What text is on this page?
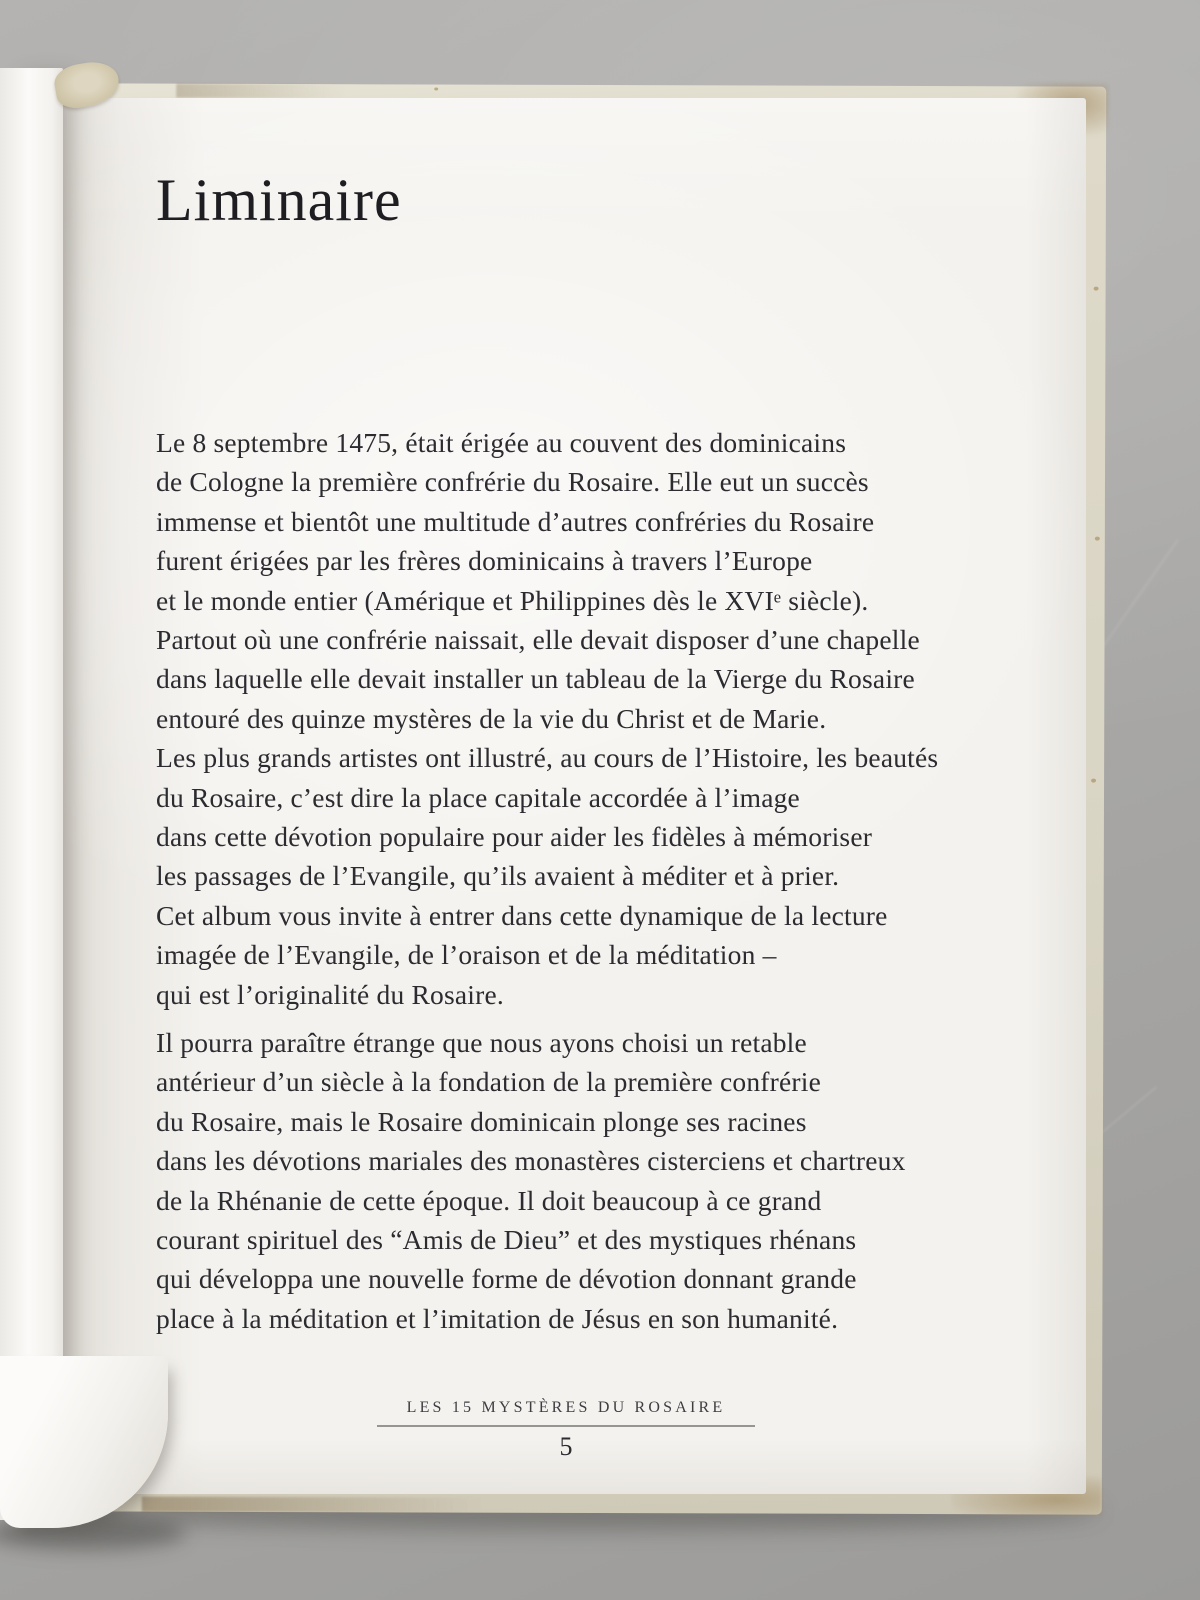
Liminaire
Le 8 septembre 1475, était érigée au couvent des dominicains
de Cologne la première confrérie du Rosaire. Elle eut un succès
immense et bientôt une multitude d’autres confréries du Rosaire
furent érigées par les frères dominicains à travers l’Europe
et le monde entier (Amérique et Philippines dès le XVIᵉ siècle).
Partout où une confrérie naissait, elle devait disposer d’une chapelle
dans laquelle elle devait installer un tableau de la Vierge du Rosaire
entouré des quinze mystères de la vie du Christ et de Marie.
Les plus grands artistes ont illustré, au cours de l’Histoire, les beautés
du Rosaire, c’est dire la place capitale accordée à l’image
dans cette dévotion populaire pour aider les fidèles à mémoriser
les passages de l’Evangile, qu’ils avaient à méditer et à prier.
Cet album vous invite à entrer dans cette dynamique de la lecture
imagée de l’Evangile, de l’oraison et de la méditation –
qui est l’originalité du Rosaire.
Il pourra paraître étrange que nous ayons choisi un retable
antérieur d’un siècle à la fondation de la première confrérie
du Rosaire, mais le Rosaire dominicain plonge ses racines
dans les dévotions mariales des monastères cisterciens et chartreux
de la Rhénanie de cette époque. Il doit beaucoup à ce grand
courant spirituel des “Amis de Dieu” et des mystiques rhénans
qui développa une nouvelle forme de dévotion donnant grande
place à la méditation et l’imitation de Jésus en son humanité.
LES 15 MYSTÈRES DU ROSAIRE
5
